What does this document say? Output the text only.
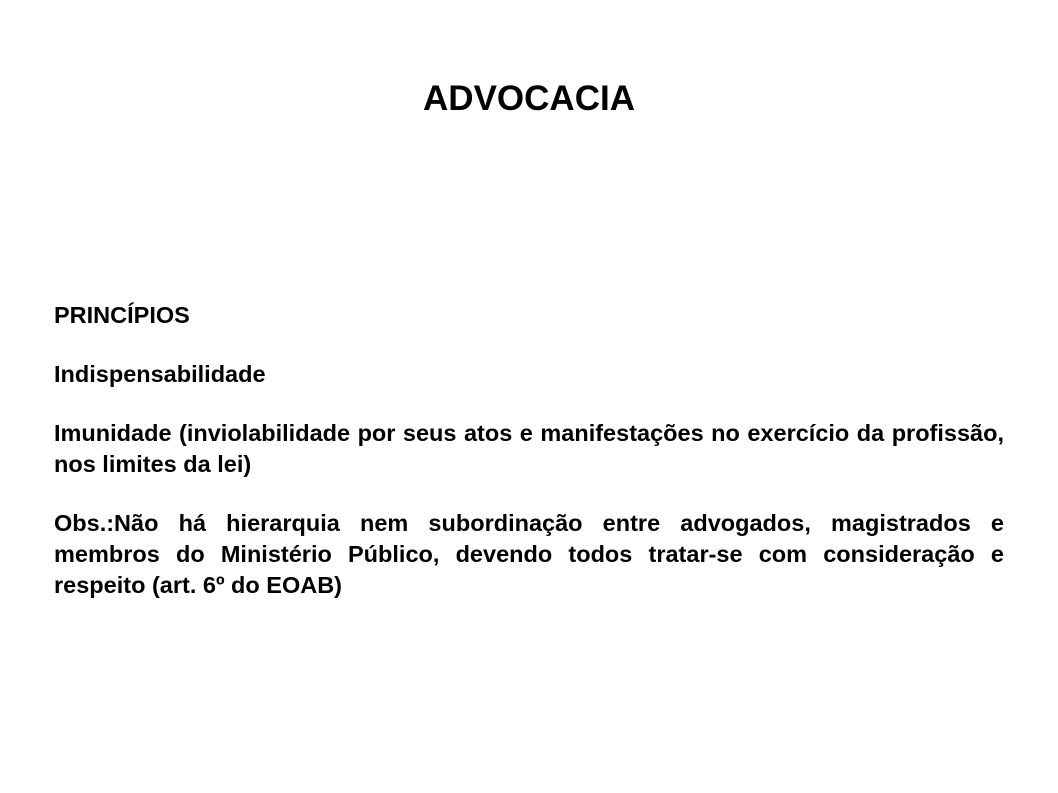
ADVOCACIA

PRINCÍPIOS

Indispensabilidade

Imunidade (inviolabilidade por seus atos e manifestações no exercício da profissão, nos limites da lei)

Obs.:Não há hierarquia nem subordinação entre advogados, magistrados e membros do Ministério Público, devendo todos tratar-se com consideração e respeito (art. 6º do EOAB)
